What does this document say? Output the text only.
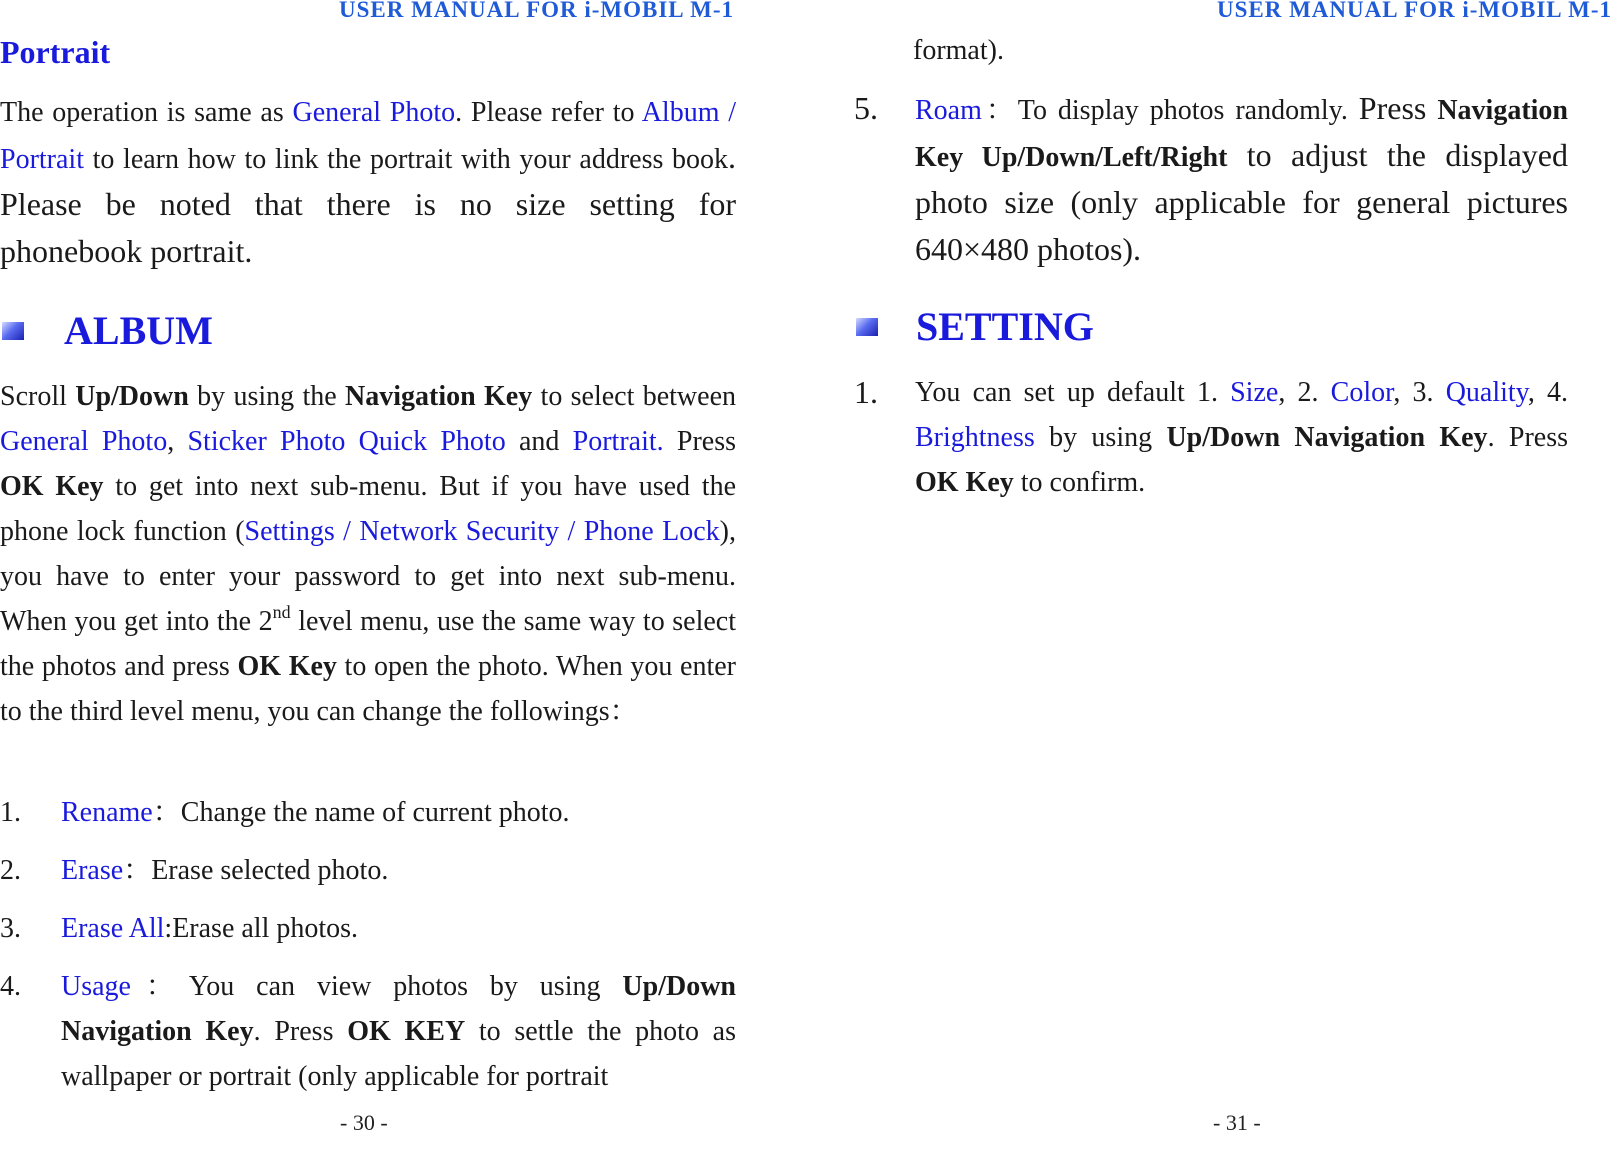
USER MANUAL FOR i-MOBIL M-1
Portrait
The operation is same as General Photo. Please refer to Album / Portrait to learn how to link the portrait with your address book. Please be noted that there is no size setting for phonebook portrait.
ALBUM
Scroll Up/Down by using the Navigation Key to select between General Photo, Sticker Photo Quick Photo and Portrait. Press OK Key to get into next sub-menu. But if you have used the phone lock function (Settings / Network Security / Phone Lock), you have to enter your password to get into next sub-menu. When you get into the 2nd level menu, use the same way to select the photos and press OK Key to open the photo. When you enter to the third level menu, you can change the followings：
1. Rename：Change the name of current photo.
2. Erase：Erase selected photo.
3. Erase All:Erase all photos.
4. Usage：You can view photos by using Up/Down Navigation Key. Press OK KEY to settle the photo as wallpaper or portrait (only applicable for portrait
- 30 -
USER MANUAL FOR i-MOBIL M-1
format).
5. Roam：To display photos randomly. Press Navigation Key Up/Down/Left/Right to adjust the displayed photo size (only applicable for general pictures 640×480 photos).
SETTING
1. You can set up default 1. Size, 2. Color, 3. Quality, 4. Brightness by using Up/Down Navigation Key. Press OK Key to confirm.
- 31 -
